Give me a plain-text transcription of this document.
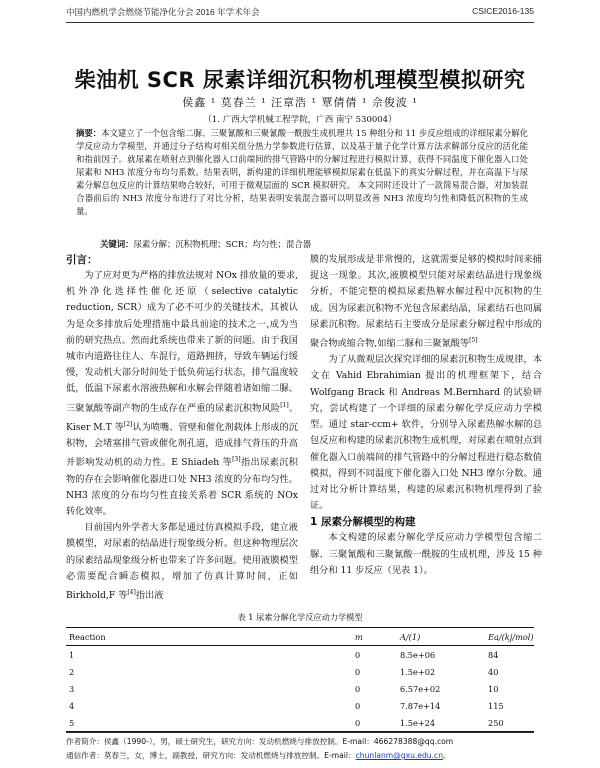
中国内燃机学会燃烧节能净化分会 2016 年学术年会	CSICE2016-135
柴油机 SCR 尿素详细沉积物机理模型模拟研究
侯鑫 ¹ 莫春兰 ¹ 汪章浩 ¹ 覃倩倩 ¹ 佘俊波 ¹
（1. 广西大学机械工程学院，广西 南宁 530004）
摘要：本文建立了一个包含缩二脲、三聚氰酸和三聚氰酸一酰胺生成机理共 15 种组分和 11 步反应组成的详细尿素分解化学反应动力学模型，并通过分子结构对相关组分热力学参数进行估算，以及基于量子化学计算方法求解部分反应的活化能和指前因子。就尿素在喷射点到催化器入口前端间的排气管路中的分解过程进行模拟计算，获得不同温度下催化器入口处尿素和 NH3 浓度分布均匀系数。结果表明，新构建的详细机理能够模拟尿素在低温下的真实分解过程，并在高温下与尿素分解总包反应的计算结果吻合较好，可用于微观层面的 SCR 模拟研究。 本文同时还设计了一款简易混合器，对加装混合器前后的 NH3 浓度分布进行了对比分析，结果表明安装混合器可以明显改善 NH3 浓度均匀性和降低沉积物的生成量。
关键词：尿素分解；沉积物机理；SCR；均匀性；混合器
引言：

为了应对更为严格的排放法规对 NOx 排放量的要求,机外净化选择性催化还原（selective catalytic reduction, SCR）成为了必不可少的关键技术，其被认为是众多排放后处理措施中最具前途的技术之一,成为当前的研究热点。然而此系统也带来了新的问题。由于我国城市内道路往往人、车混行，道路拥挤，导致车辆运行缓慢，发动机大部分时间处于低负荷运行状态，排气温度较低，低温下尿素水溶液热解和水解会伴随着诸如缩二脲、三聚氰酸等副产物的生成存在严重的尿素沉积物风险[1]。Kiser M.T 等[2]认为喷嘴、管壁和催化剂载体上形成的沉积物，会堵塞排气管或催化剂孔道，造成排气背压的升高并影响发动机的动力性。E Shiadeh 等[3]指出尿素沉积物的存在会影响催化器进口处 NH3 浓度的分布均匀性。NH3 浓度的分布均匀性直接关系着 SCR 系统的 NOx 转化效率。

目前国内外学者大多都是通过仿真模拟手段，建立液膜模型，对尿素的结晶进行现象级分析。但这种物理层次的尿素结晶现象级分析也带来了许多问题。使用液膜模型必需要配合瞬态模拟，增加了仿真计算时间，正如 Birkhold,F 等[4]指出液

膜的发展形成是非常慢的，这就需要足够的模拟时间来捕捉这一现象。其次,液膜模型只能对尿素结晶进行现象级分析，不能完整的模拟尿素热解水解过程中沉积物的生成。因为尿素沉积物不光包含尿素结晶，尿素结石也同属尿素沉积物。尿素结石主要成分是尿素分解过程中形成的聚合物或缩合物,如缩二脲和三聚氰酸等[5]

为了从微观层次探究详细的尿素沉积物生成规律，本文在 Vahid Ebrahimian 提出的机理框架下，结合 Wolfgang Brack 和 Andreas M.Bernhard 的试验研究，尝试构建了一个详细的尿素分解化学反应动力学模型。通过 star-ccm+ 软件，分别导入尿素热解水解的总包反应和构建的尿素沉积物生成机理，对尿素在喷射点到催化器入口前端间的排气管路中的分解过程进行稳态数值模拟，得到不同温度下催化器入口处 NH3 摩尔分数。通过对比分析计算结果，构建的尿素沉积物机理得到了验证。

1 尿素分解模型的构建

本文构建的尿素分解化学反应动力学模型包含缩二脲、三聚氰酸和三聚氰酸一酰胺的生成机理，涉及 15 种组分和 11 步反应（见表 1）。

表 1 尿素分解化学反应动力学模型
Reaction		m	A/(1)	Ea/(kj/mol)
1		0	8.5e+06	84
2		0	1.5e+02	40
3		0	6.57e+02	10
4		0	7.87e+14	115
5		0	1.5e+24	250
作者简介：侯鑫（1990-），男，硕士研究生，研究方向：发动机燃烧与排放控制。E-mail：466278388@qq.com
通信作者：莫春兰，女，博士，副教授，研究方向：发动机燃烧与排放控制。E-mail：chunlanm@gxu.edu.cn。
